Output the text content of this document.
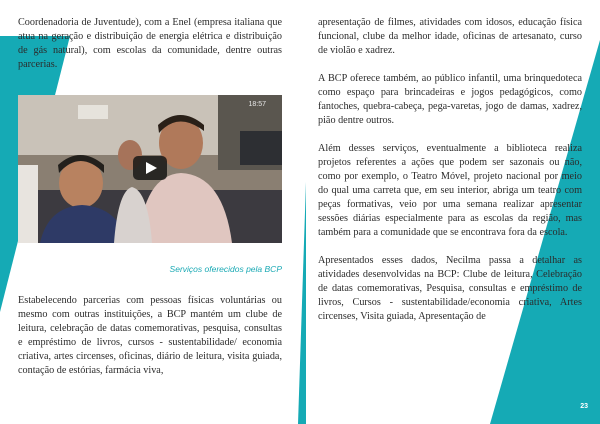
Coordenadoria de Juventude), com a Enel (empresa italiana que atua na geração e distribuição de energia elétrica e distribuição de gás natural), com escolas da comunidade, dentre outras parcerias.

18:57
Serviços oferecidos pela BCP

Estabelecendo parcerias com pessoas físicas voluntárias ou mesmo com outras instituições, a BCP mantém um clube de leitura, celebração de datas comemorativas, pesquisa, consultas e empréstimo de livros, cursos - sustentabilidade/ economia criativa, artes circenses, oficinas, diário de leitura, visita guiada, contação de estórias, farmácia viva,

apresentação de filmes, atividades com idosos, educação física funcional, clube da melhor idade, oficinas de artesanato, curso de violão e xadrez.

A BCP oferece também, ao público infantil, uma brinquedoteca como espaço para brincadeiras e jogos pedagógicos, como fantoches, quebra-cabeça, pega-varetas, jogo de damas, xadrez, pião dentre outros.

Além desses serviços, eventualmente a biblioteca realiza projetos referentes a ações que podem ser sazonais ou não, como por exemplo, o Teatro Móvel, projeto nacional por meio do qual uma carreta que, em seu interior, abriga um teatro com peças formativas, veio por uma semana realizar apresentar sessões diárias especialmente para as escolas da região, mas também para a comunidade que se encontrava fora da escola.

Apresentados esses dados, Necilma passa a detalhar as atividades desenvolvidas na BCP: Clube de leitura, Celebração de datas comemorativas, Pesquisa, consultas e empréstimo de livros, Cursos - sustentabilidade/economia criativa, Artes circenses, Visita guiada, Apresentação de

23
